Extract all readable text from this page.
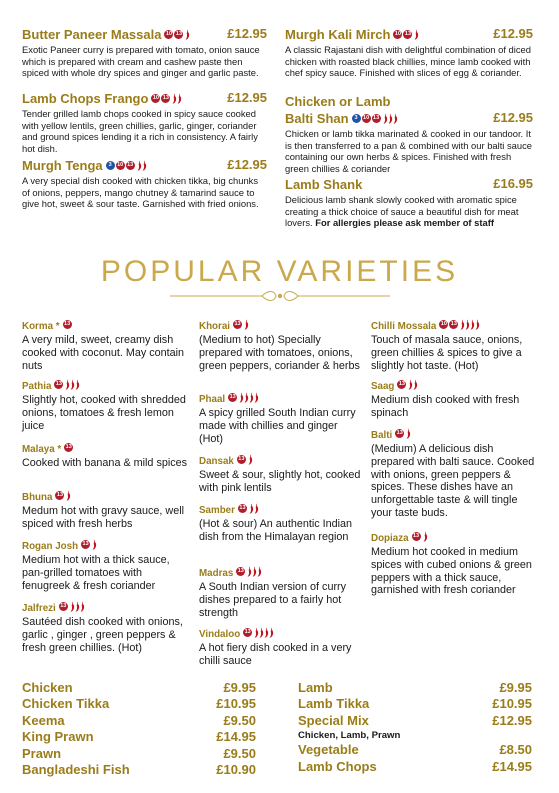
Butter Paneer Massala 10 13	£12.95

Exotic Paneer curry is prepared with tomato, onion sauce which is prepared with cream and cashew paste then spiced with whole dry spices and ginger and garlic paste.

Lamb Chops Frango 10 13	£12.95

Tender grilled lamb chops cooked in spicy sauce cooked with yellow lentils, green chillies, garlic, ginger, coriander and ground spices lending it a rich in consistency. A fairly hot dish.

Murgh Tenga	3 10 13	£12.95

A very special dish cooked with chicken tikka, big chunks of onions, peppers, mango chutney & tamarind sauce to give hot, sweet & sour taste. Garnished with fried onions.

Murgh Kali Mirch 10 13	£12.95

A classic Rajastani dish with delightful combination of diced chicken with roasted black chillies, mince lamb cooked with chef spicy sauce. Finished with slices of egg & coriander.

Chicken or Lamb
Balti Shan	3 10 13	£12.95

Chicken or lamb tikka marinated & cooked in our tandoor. It is then transferred to a pan & combined with our balti sauce containing our own herbs & spices. Finished with fresh green chillies & coriander

Lamb Shank	£16.95

Delicious lamb shank slowly cooked with aromatic spice creating a thick choice of sauce a beautiful dish for meat lovers. For allergies please ask member of staff

POPULAR VARIETIES
Korma * 13

A very mild, sweet, creamy dish cooked with coconut. May contain nuts

Pathia 13

Slightly hot, cooked with shredded onions, tomatoes & fresh lemon juice

Malaya * 13

Cooked with banana & mild spices

Bhuna 13

Medum hot with gravy sauce, well spiced with fresh herbs

Rogan Josh 13

Medium hot with a thick sauce, pan-grilled tomatoes with fenugreek & fresh coriander

Jalfrezi 13

Sautéed dish cooked with onions, garlic , ginger , green peppers & fresh green chillies. (Hot)

Khorai 13

(Medium to hot) Specially prepared with tomatoes, onions, green peppers, coriander & herbs

Phaal 13

A spicy grilled South Indian curry made with chillies and ginger (Hot)

Dansak 13

Sweet & sour, slightly hot, cooked with pink lentils

Samber 13

(Hot & sour) An authentic Indian dish from the Himalayan region

Madras 13

A South Indian version of curry dishes prepared to a fairly hot strength

Vindaloo 13

A hot fiery dish cooked in a very chilli sauce

Chilli Mossala 10 13

Touch of masala sauce, onions, green chillies & spices to give a slightly hot taste. (Hot)

Saag 13

Medium dish cooked with fresh spinach

Balti 13

(Medium) A delicious dish prepared with balti sauce. Cooked with onions, green peppers & spices. These dishes have an unforgettable taste & will tingle your taste buds.

Dopiaza 13

Medium hot cooked in medium spices with cubed onions & green peppers with a thick sauce, garnished with fresh coriander

Chicken	£9.95
Chicken Tikka	£10.95
Keema	£9.50
King Prawn	£14.95
Prawn	£9.50
Bangladeshi Fish	£10.90
Lamb	£9.95
Lamb Tikka	£10.95
Special Mix	£12.95
Chicken, Lamb, Prawn
Vegetable	£8.50
Lamb Chops	£14.95
